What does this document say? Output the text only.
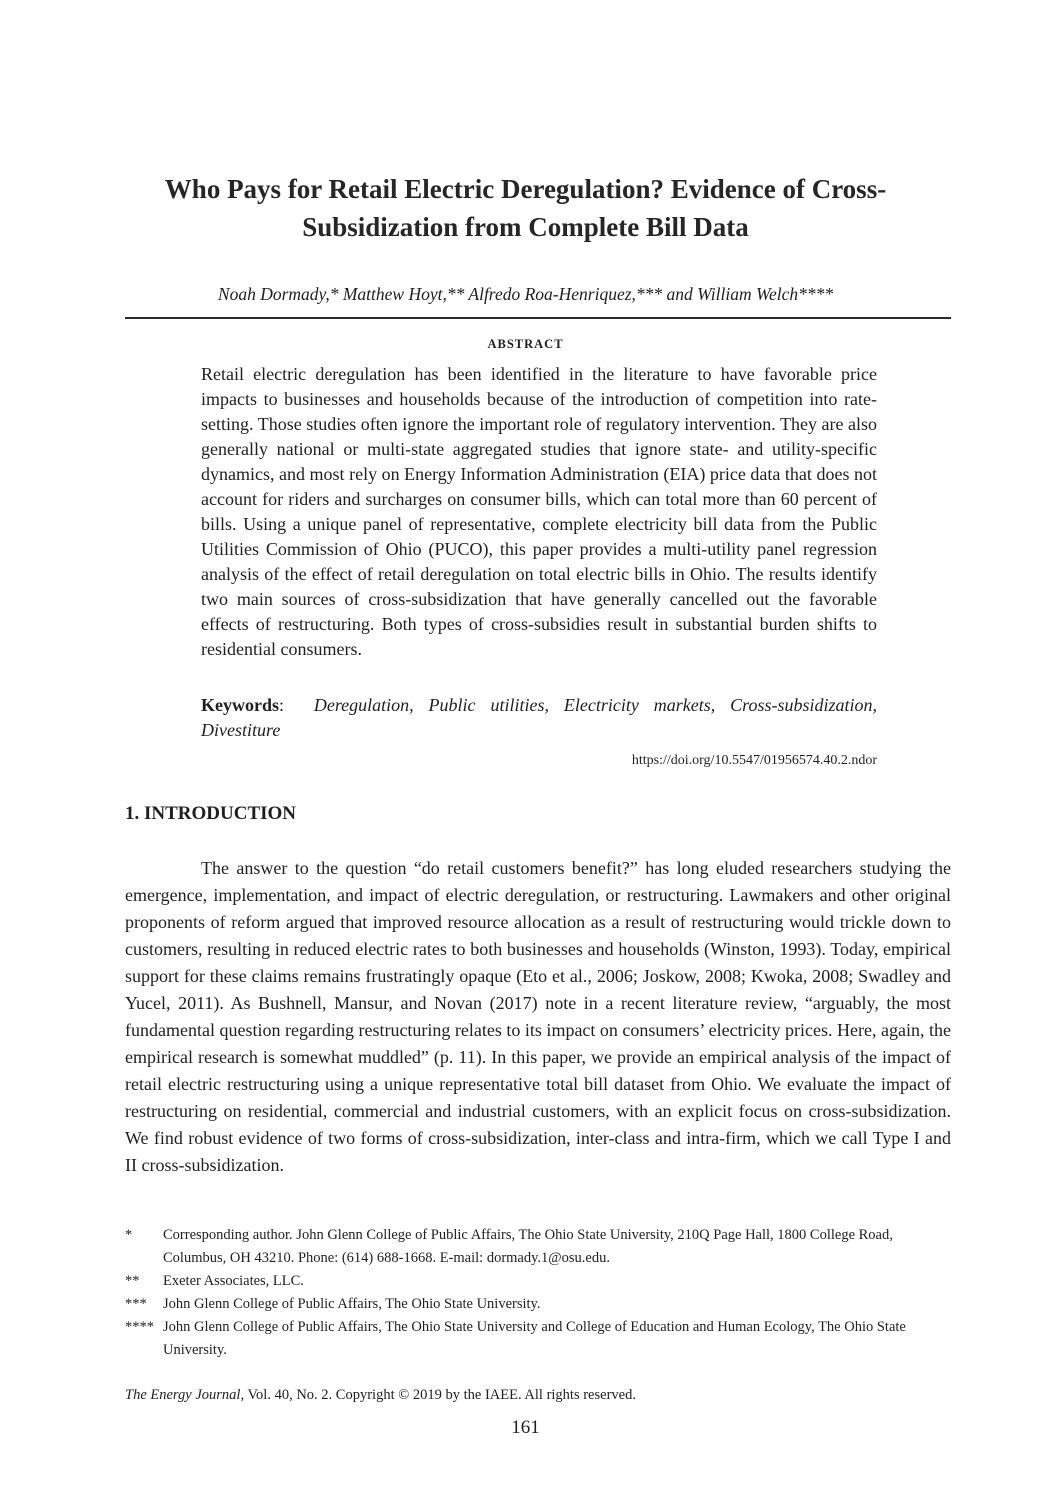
Who Pays for Retail Electric Deregulation? Evidence of Cross-Subsidization from Complete Bill Data
Noah Dormady,* Matthew Hoyt,** Alfredo Roa-Henriquez,*** and William Welch****
ABSTRACT

Retail electric deregulation has been identified in the literature to have favorable price impacts to businesses and households because of the introduction of competition into rate-setting. Those studies often ignore the important role of regulatory intervention. They are also generally national or multi-state aggregated studies that ignore state- and utility-specific dynamics, and most rely on Energy Information Administration (EIA) price data that does not account for riders and surcharges on consumer bills, which can total more than 60 percent of bills. Using a unique panel of representative, complete electricity bill data from the Public Utilities Commission of Ohio (PUCO), this paper provides a multi-utility panel regression analysis of the effect of retail deregulation on total electric bills in Ohio. The results identify two main sources of cross-subsidization that have generally cancelled out the favorable effects of restructuring. Both types of cross-subsidies result in substantial burden shifts to residential consumers.

Keywords:  Deregulation, Public utilities, Electricity markets, Cross-subsidization, Divestiture

https://doi.org/10.5547/01956574.40.2.ndor
1. INTRODUCTION

The answer to the question “do retail customers benefit?” has long eluded researchers studying the emergence, implementation, and impact of electric deregulation, or restructuring. Lawmakers and other original proponents of reform argued that improved resource allocation as a result of restructuring would trickle down to customers, resulting in reduced electric rates to both businesses and households (Winston, 1993). Today, empirical support for these claims remains frustratingly opaque (Eto et al., 2006; Joskow, 2008; Kwoka, 2008; Swadley and Yucel, 2011). As Bushnell, Mansur, and Novan (2017) note in a recent literature review, “arguably, the most fundamental question regarding restructuring relates to its impact on consumers’ electricity prices. Here, again, the empirical research is somewhat muddled” (p. 11). In this paper, we provide an empirical analysis of the impact of retail electric restructuring using a unique representative total bill dataset from Ohio. We evaluate the impact of restructuring on residential, commercial and industrial customers, with an explicit focus on cross-subsidization. We find robust evidence of two forms of cross-subsidization, inter-class and intra-firm, which we call Type I and II cross-subsidization.

*	Corresponding author. John Glenn College of Public Affairs, The Ohio State University, 210Q Page Hall, 1800 College Road, Columbus, OH 43210. Phone: (614) 688-1668. E-mail: dormady.1@osu.edu.
**	Exeter Associates, LLC.
***	John Glenn College of Public Affairs, The Ohio State University.
**** John Glenn College of Public Affairs, The Ohio State University and College of Education and Human Ecology, The Ohio State University.
The Energy Journal, Vol. 40, No. 2. Copyright © 2019 by the IAEE. All rights reserved.
161
